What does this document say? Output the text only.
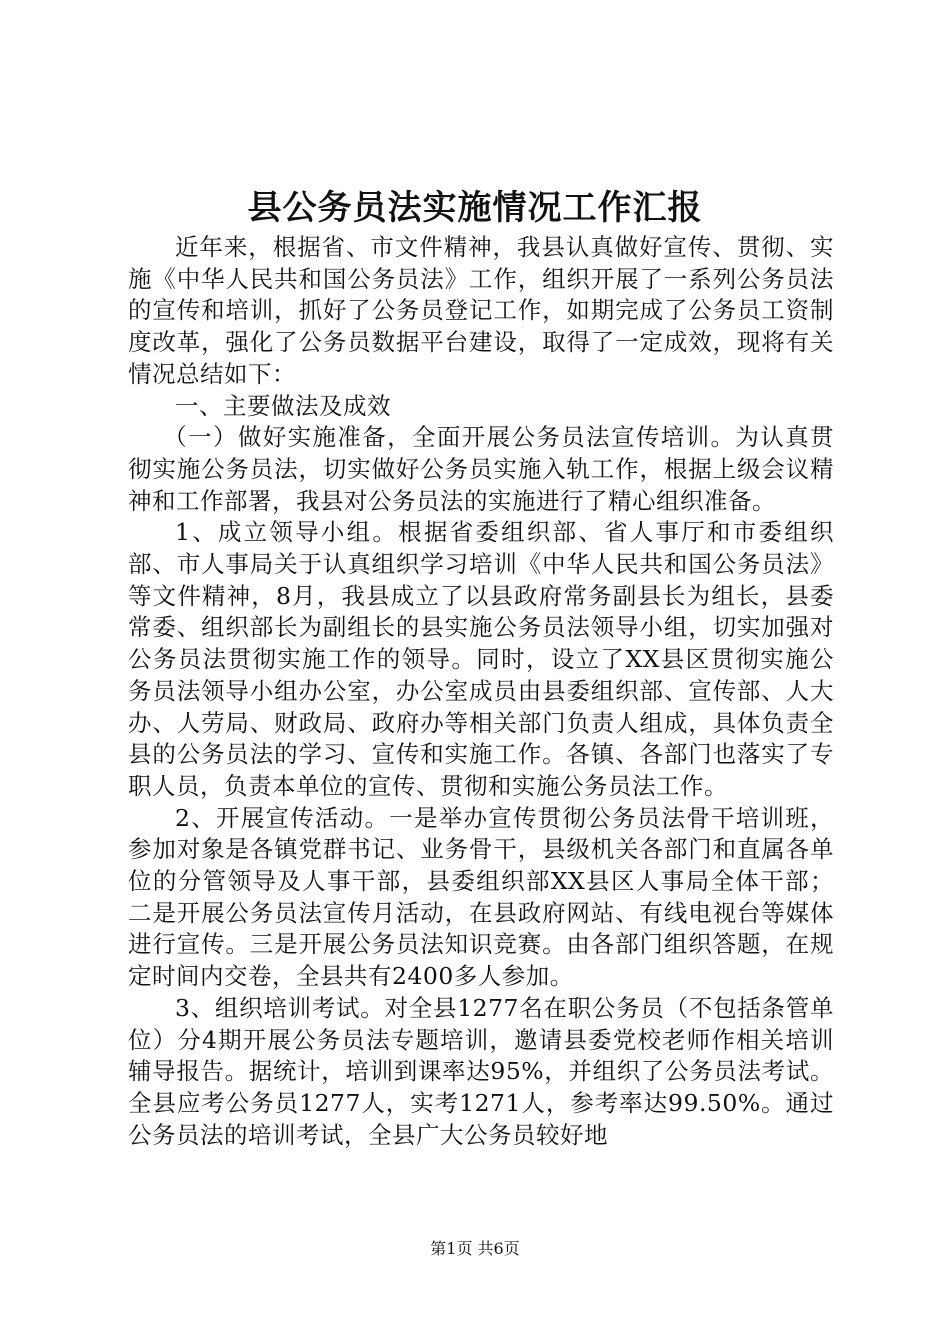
县公务员法实施情况工作汇报

近年来，根据省、市文件精神，我县认真做好宣传、贯彻、实施《中华人民共和国公务员法》工作，组织开展了一系列公务员法的宣传和培训，抓好了公务员登记工作，如期完成了公务员工资制度改革，强化了公务员数据平台建设，取得了一定成效，现将有关情况总结如下：

一、主要做法及成效

（一）做好实施准备，全面开展公务员法宣传培训。为认真贯彻实施公务员法，切实做好公务员实施入轨工作，根据上级会议精神和工作部署，我县对公务员法的实施进行了精心组织准备。

1、成立领导小组。根据省委组织部、省人事厅和市委组织部、市人事局关于认真组织学习培训《中华人民共和国公务员法》等文件精神，8月，我县成立了以县政府常务副县长为组长，县委常委、组织部长为副组长的县实施公务员法领导小组，切实加强对公务员法贯彻实施工作的领导。同时，设立了XX县区贯彻实施公务员法领导小组办公室，办公室成员由县委组织部、宣传部、人大办、人劳局、财政局、政府办等相关部门负责人组成，具体负责全县的公务员法的学习、宣传和实施工作。各镇、各部门也落实了专职人员，负责本单位的宣传、贯彻和实施公务员法工作。

2、开展宣传活动。一是举办宣传贯彻公务员法骨干培训班，参加对象是各镇党群书记、业务骨干，县级机关各部门和直属各单位的分管领导及人事干部，县委组织部XX县区人事局全体干部；二是开展公务员法宣传月活动，在县政府网站、有线电视台等媒体进行宣传。三是开展公务员法知识竞赛。由各部门组织答题，在规定时间内交卷，全县共有2400多人参加。

3、组织培训考试。对全县1277名在职公务员（不包括条管单位）分4期开展公务员法专题培训，邀请县委党校老师作相关培训辅导报告。据统计，培训到课率达95%，并组织了公务员法考试。全县应考公务员1277人，实考1271人，参考率达99.50%。通过公务员法的培训考试，全县广大公务员较好地

第1页 共6页
